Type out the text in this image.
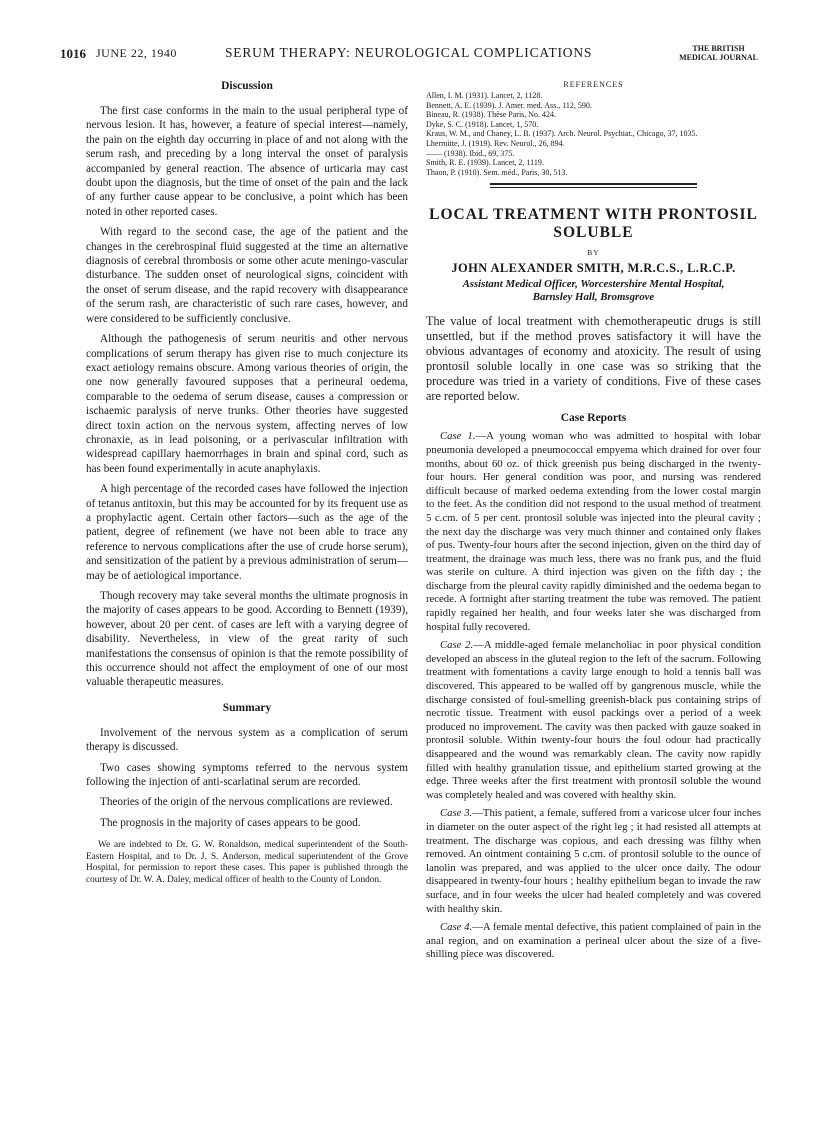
1016 JUNE 22, 1940	SERUM THERAPY: NEUROLOGICAL COMPLICATIONS	THE BRITISH
MEDICAL JOURNAL
Discussion

The first case conforms in the main to the usual peripheral type of nervous lesion. It has, however, a feature of special interest—namely, the pain on the eighth day occurring in place of and not along with the serum rash, and preceding by a long interval the onset of paralysis accompanied by general reaction. The absence of urticaria may cast doubt upon the diagnosis, but the time of onset of the pain and the lack of any further cause appear to be conclusive, a point which has been noted in other reported cases.

With regard to the second case, the age of the patient and the changes in the cerebrospinal fluid suggested at the time an alternative diagnosis of cerebral thrombosis or some other acute meningo-vascular disturbance. The sudden onset of neurological signs, coincident with the onset of serum disease, and the rapid recovery with disappearance of the serum rash, are characteristic of such rare cases, however, and were considered to be sufficiently conclusive.

Although the pathogenesis of serum neuritis and other nervous complications of serum therapy has given rise to much conjecture its exact aetiology remains obscure. Among various theories of origin, the one now generally favoured supposes that a perineural oedema, comparable to the oedema of serum disease, causes a compression or ischaemic paralysis of nerve trunks. Other theories have suggested direct toxin action on the nervous system, affecting nerves of low chronaxie, as in lead poisoning, or a perivascular infiltration with widespread capillary haemorrhages in brain and spinal cord, such as has been found experimentally in acute anaphylaxis.

A high percentage of the recorded cases have followed the injection of tetanus antitoxin, but this may be accounted for by its frequent use as a prophylactic agent. Certain other factors—such as the age of the patient, degree of refinement (we have not been able to trace any reference to nervous complications after the use of crude horse serum), and sensitization of the patient by a previous administration of serum—may be of aetiological importance.

Though recovery may take several months the ultimate prognosis in the majority of cases appears to be good. According to Bennett (1939), however, about 20 per cent. of cases are left with a varying degree of disability. Nevertheless, in view of the great rarity of such manifestations the consensus of opinion is that the remote possibility of this occurrence should not affect the employment of one of our most valuable therapeutic measures.

Summary

Involvement of the nervous system as a complication of serum therapy is discussed.

Two cases showing symptoms referred to the nervous system following the injection of anti-scarlatinal serum are recorded.

Theories of the origin of the nervous complications are reviewed.

The prognosis in the majority of cases appears to be good.

We are indebted to Dr. G. W. Ronaldson, medical superintendent of the South-Eastern Hospital, and to Dr. J. S. Anderson, medical superintendent of the Grove Hospital, for permission to report these cases. This paper is published through the courtesy of Dr. W. A. Daley, medical officer of health to the County of London.

REFERENCES
Allen, I. M. (1931). Lancet, 2, 1128.
Bennett, A. E. (1939). J. Amer. med. Ass., 112, 590.
Bineau, R. (1938). Thèse Paris, No. 424.
Dyke, S. C. (1918). Lancet, 1, 570.
Kraus, W. M., and Chaney, L. B. (1937). Arch. Neurol. Psychiat., Chicago, 37, 1035.
Lhermitte, J. (1919). Rev. Neurol., 26, 894.
—— (1938). Ibid., 69, 375.
Smith, R. E. (1939). Lancet, 2, 1119.
Thaon, P. (1910). Sem. méd., Paris, 30, 513.
LOCAL TREATMENT WITH PRONTOSIL
SOLUBLE
BY
JOHN ALEXANDER SMITH, M.R.C.S., L.R.C.P.
Assistant Medical Officer, Worcestershire Mental Hospital,
Barnsley Hall, Bromsgrove

The value of local treatment with chemotherapeutic drugs is still unsettled, but if the method proves satisfactory it will have the obvious advantages of economy and atoxicity. The result of using prontosil soluble locally in one case was so striking that the procedure was tried in a variety of conditions. Five of these cases are reported below.

Case Reports

Case 1.—A young woman who was admitted to hospital with lobar pneumonia developed a pneumococcal empyema which drained for over four months, about 60 oz. of thick greenish pus being discharged in the twenty-four hours. Her general condition was poor, and nursing was rendered difficult because of marked oedema extending from the lower costal margin to the feet. As the condition did not respond to the usual method of treatment 5 c.cm. of 5 per cent. prontosil soluble was injected into the pleural cavity ; the next day the discharge was very much thinner and contained only flakes of pus. Twenty-four hours after the second injection, given on the third day of treatment, the drainage was much less, there was no frank pus, and the fluid was sterile on culture. A third injection was given on the fifth day ; the discharge from the pleural cavity rapidly diminished and the oedema began to recede. A fortnight after starting treatment the tube was removed. The patient rapidly regained her health, and four weeks later she was discharged from hospital fully recovered.

Case 2.—A middle-aged female melancholiac in poor physical condition developed an abscess in the gluteal region to the left of the sacrum. Following treatment with fomentations a cavity large enough to hold a tennis ball was discovered. This appeared to be walled off by gangrenous muscle, while the discharge consisted of foul-smelling greenish-black pus containing strips of necrotic tissue. Treatment with eusol packings over a period of a week produced no improvement. The cavity was then packed with gauze soaked in prontosil soluble. Within twenty-four hours the foul odour had practically disappeared and the wound was remarkably clean. The cavity now rapidly filled with healthy granulation tissue, and epithelium started growing at the edge. Three weeks after the first treatment with prontosil soluble the wound was completely healed and was covered with healthy skin.

Case 3.—This patient, a female, suffered from a varicose ulcer four inches in diameter on the outer aspect of the right leg ; it had resisted all attempts at treatment. The discharge was copious, and each dressing was filthy when removed. An ointment containing 5 c.cm. of prontosil soluble to the ounce of lanolin was prepared, and was applied to the ulcer once daily. The odour disappeared in twenty-four hours ; healthy epithelium began to invade the raw surface, and in four weeks the ulcer had healed completely and was covered with healthy skin.

Case 4.—A female mental defective, this patient complained of pain in the anal region, and on examination a perineal ulcer about the size of a five-shilling piece was discovered.
